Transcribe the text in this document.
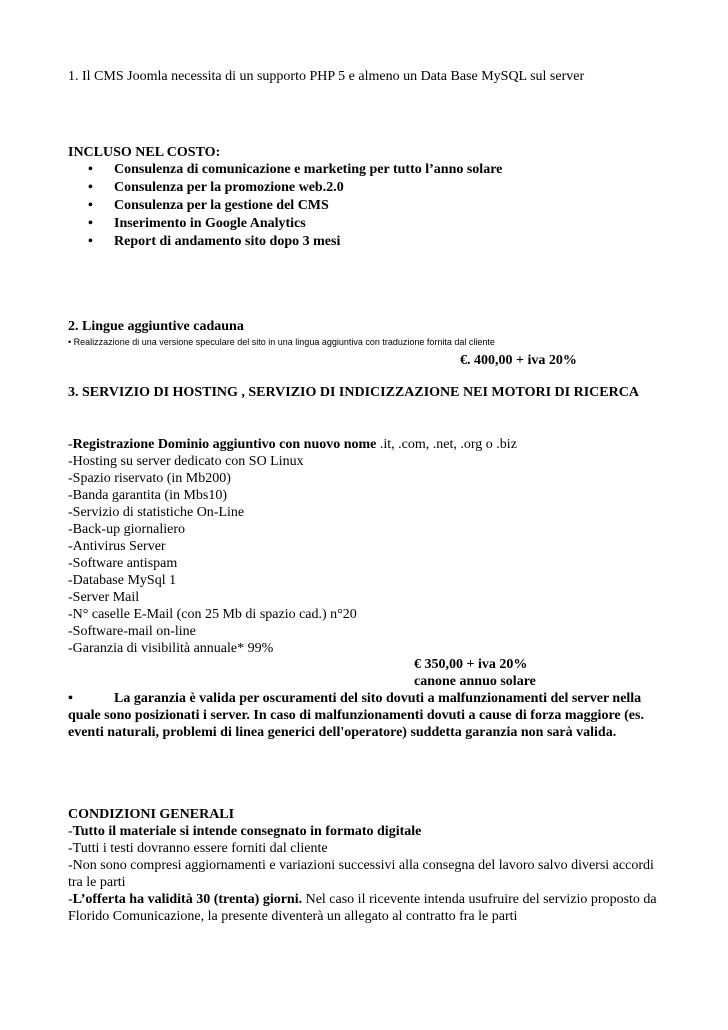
1. Il CMS Joomla necessita di un supporto PHP 5 e almeno un Data Base MySQL sul server

INCLUSO NEL COSTO:

• Consulenza di comunicazione e marketing per tutto l’anno solare
• Consulenza per la promozione web.2.0
• Consulenza per la gestione del CMS
• Inserimento in Google Analytics
• Report di andamento sito dopo 3 mesi

2. Lingue aggiuntive cadauna

• Realizzazione di una versione speculare del sito in una lingua aggiuntiva con traduzione fornita dal cliente

€. 400,00 + iva 20%

3. SERVIZIO DI HOSTING , SERVIZIO DI INDICIZZAZIONE NEI MOTORI DI RICERCA

-Registrazione Dominio aggiuntivo con nuovo nome .it, .com, .net, .org o .biz

-Hosting su server dedicato con SO Linux

-Spazio riservato (in Mb200)

-Banda garantita (in Mbs10)

-Servizio di statistiche On-Line

-Back-up giornaliero

-Antivirus Server

-Software antispam

-Database MySql 1

-Server Mail

-N° caselle E-Mail (con 25 Mb di spazio cad.) n°20

-Software-mail on-line

-Garanzia di visibilità annuale* 99%

€ 350,00 + iva 20%

canone annuo solare

•	La garanzia è valida per oscuramenti del sito dovuti a malfunzionamenti del server nella quale sono posizionati i server. In caso di malfunzionamenti dovuti a cause di forza maggiore (es. eventi naturali, problemi di linea generici dell'operatore) suddetta garanzia non sarà valida.

CONDIZIONI GENERALI

-Tutto il materiale si intende consegnato in formato digitale

-Tutti i testi dovranno essere forniti dal cliente

-Non sono compresi aggiornamenti e variazioni successivi alla consegna del lavoro salvo diversi accordi tra le parti

-L’offerta ha validità 30 (trenta) giorni. Nel caso il ricevente intenda usufruire del servizio proposto da Florido Comunicazione, la presente diventerà un allegato al contratto fra le parti
